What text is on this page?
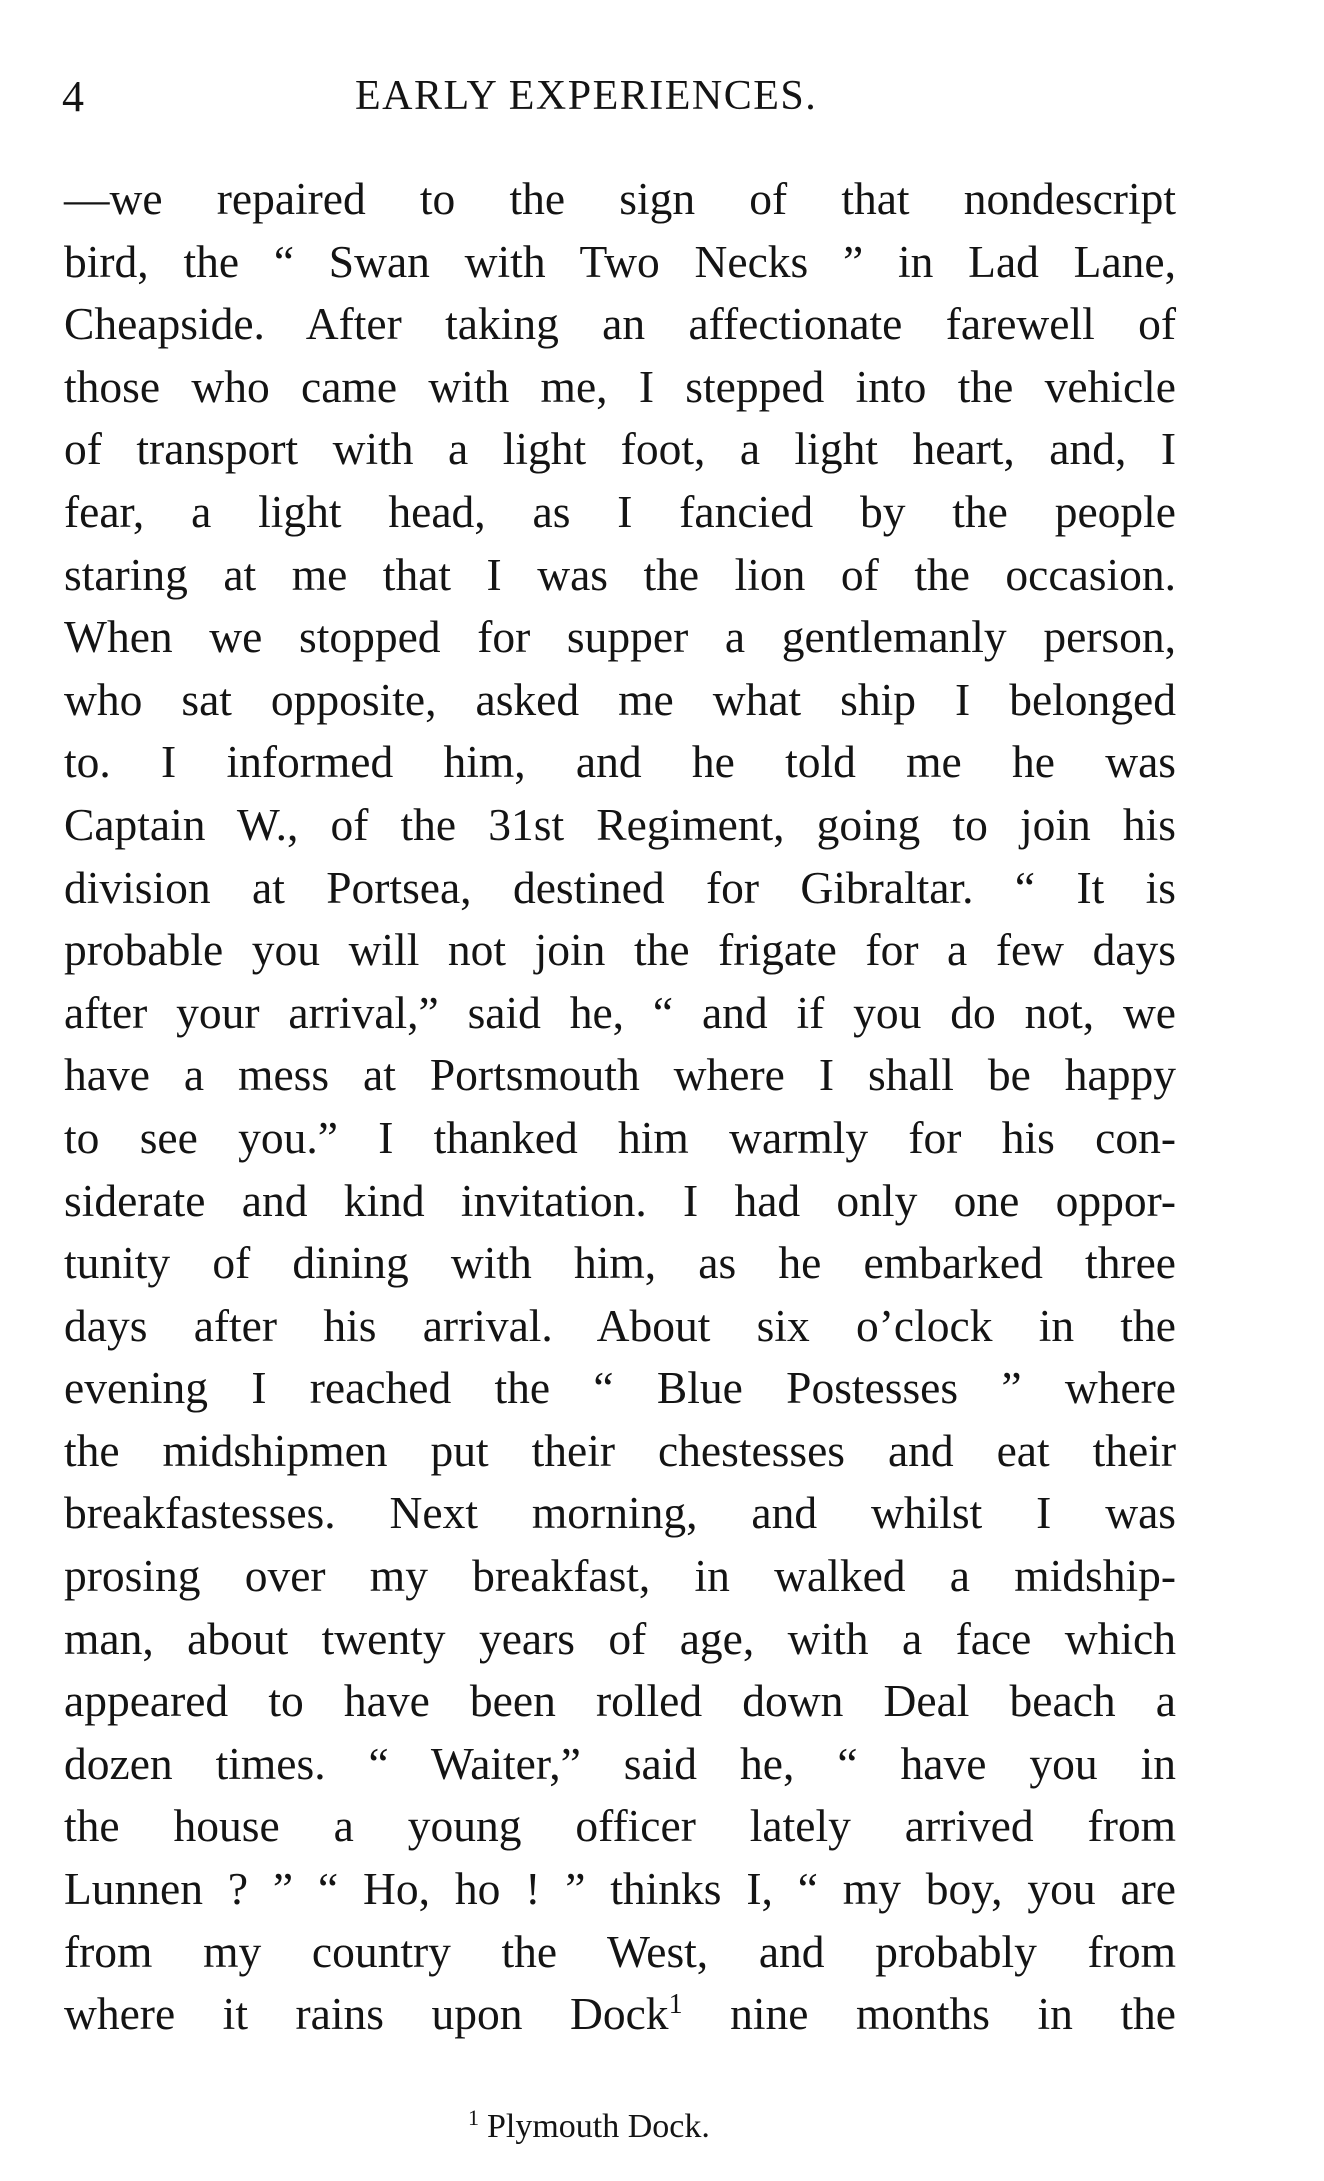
4	EARLY EXPERIENCES.
—we repaired to the sign of that nondescript
bird, the “ Swan with Two Necks ” in Lad Lane,
Cheapside. After taking an affectionate farewell of
those who came with me, I stepped into the vehicle
of transport with a light foot, a light heart, and, I
fear, a light head, as I fancied by the people
staring at me that I was the lion of the occasion.
When we stopped for supper a gentlemanly person,
who sat opposite, asked me what ship I belonged
to. I informed him, and he told me he was
Captain W., of the 31st Regiment, going to join his
division at Portsea, destined for Gibraltar. “ It is
probable you will not join the frigate for a few days
after your arrival,” said he, “ and if you do not, we
have a mess at Portsmouth where I shall be happy
to see you.” I thanked him warmly for his con-
siderate and kind invitation. I had only one oppor-
tunity of dining with him, as he embarked three
days after his arrival. About six o’clock in the
evening I reached the “ Blue Postesses ” where
the midshipmen put their chestesses and eat their
breakfastesses. Next morning, and whilst I was
prosing over my breakfast, in walked a midship-
man, about twenty years of age, with a face which
appeared to have been rolled down Deal beach a
dozen times. “ Waiter,” said he, “ have you in
the house a young officer lately arrived from
Lunnen ? ” “ Ho, ho ! ” thinks I, “ my boy, you are
from my country the West, and probably from
where it rains upon Dock$^1$ nine months in the
$^1$ Plymouth Dock.
